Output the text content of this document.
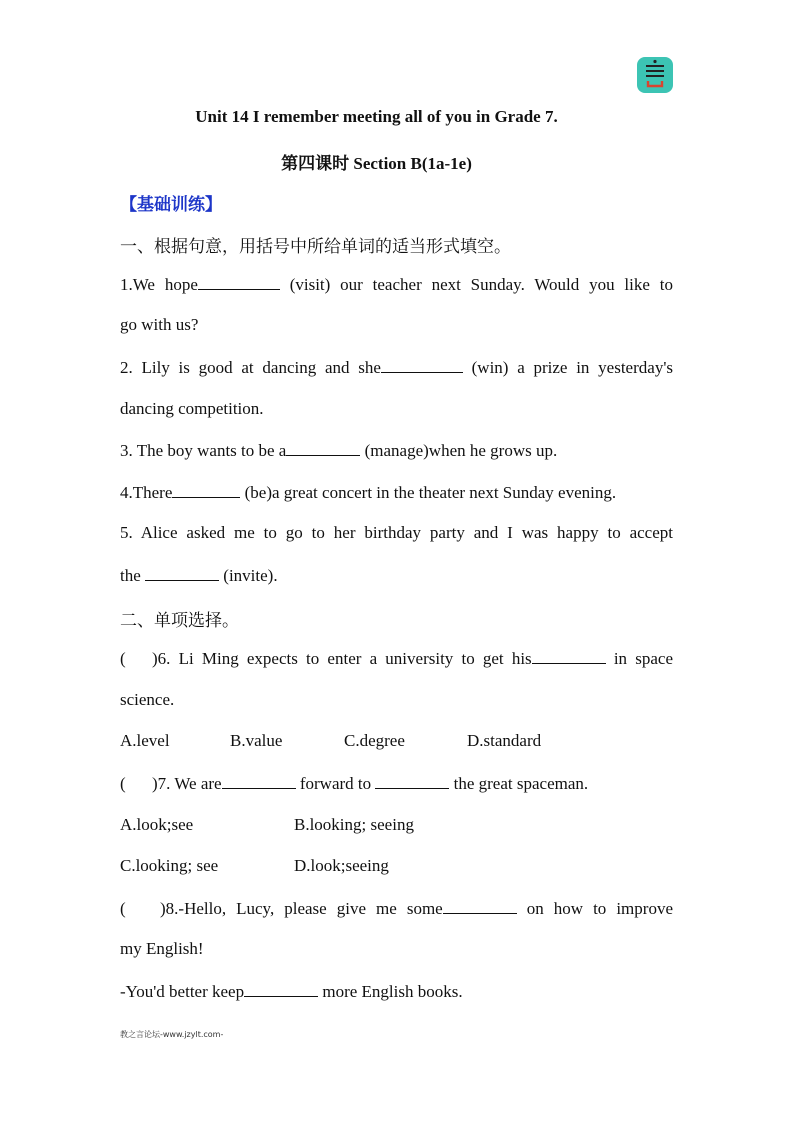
Unit 14 I remember meeting all of you in Grade 7.
第四课时 Section B(1a-1e)
【基础训练】
一、根据句意，用括号中所给单词的适当形式填空。
1.We hope	(visit) our teacher next Sunday. Would you like to
go with us?
2. Lily is good at dancing and she	(win) a prize in yesterday's
dancing competition.
3. The boy wants to be a	(manage)when he grows up.
4.There	(be)a great concert in the theater next Sunday evening.
5. Alice asked me to go to her birthday party and I was happy to accept
the	(invite).
二、单项选择。
( )6. Li Ming expects to enter a university to get his	in space
science.
A.level	B.value	C.degree	D.standard
( )7. We are	forward to	the great spaceman.
A.look;see	B.looking; seeing
C.looking; see	D.look;seeing
( )8.-Hello, Lucy, please give me some	on how to improve
my English!
-You'd better keep	more English books.
教之言论坛-www.jzylt.com-
